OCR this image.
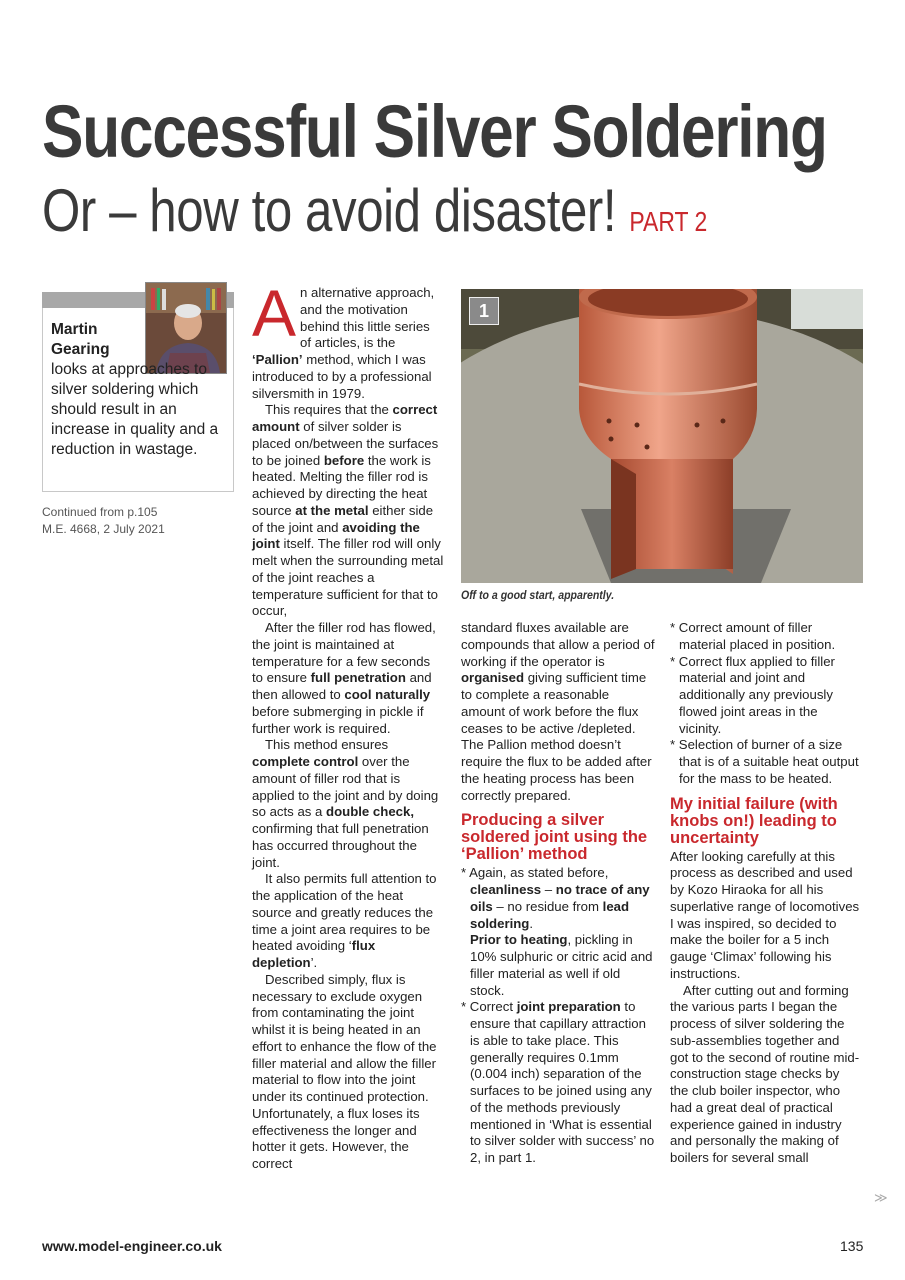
Successful Silver Soldering
Or – how to avoid disaster! PART 2
Martin
Gearing
looks at approaches to silver soldering which should result in an increase in quality and a reduction in wastage.
Continued from p.105
M.E. 4668, 2 July 2021

An alternative approach, and the motivation behind this little series of articles, is the ‘Pallion’ method, which I was introduced to by a professional silversmith in 1979.

This requires that the correct amount of silver solder is placed on/between the surfaces to be joined before the work is heated. Melting the filler rod is achieved by directing the heat source at the metal either side of the joint and avoiding the joint itself. The filler rod will only melt when the surrounding metal of the joint reaches a temperature sufficient for that to occur,

After the filler rod has flowed, the joint is maintained at temperature for a few seconds to ensure full penetration and then allowed to cool naturally before submerging in pickle if further work is required.

This method ensures complete control over the amount of filler rod that is applied to the joint and by doing so acts as a double check, confirming that full penetration has occurred throughout the joint.

It also permits full attention to the application of the heat source and greatly reduces the time a joint area requires to be heated avoiding ‘flux depletion’.

Described simply, flux is necessary to exclude oxygen from contaminating the joint whilst it is being heated in an effort to enhance the flow of the filler material and allow the filler material to flow into the joint under its continued protection. Unfortunately, a flux loses its effectiveness the longer and hotter it gets. However, the correct

1
Off to a good start, apparently.

standard fluxes available are compounds that allow a period of working if the operator is organised giving sufficient time to complete a reasonable amount of work before the flux ceases to be active /depleted. The Pallion method doesn’t require the flux to be added after the heating process has been correctly prepared.

Producing a silver soldered joint using the ‘Pallion’ method

* Again, as stated before, cleanliness – no trace of any oils – no residue from lead soldering.

Prior to heating, pickling in 10% sulphuric or citric acid and filler material as well if old stock.

* Correct joint preparation to ensure that capillary attraction is able to take place. This generally requires 0.1mm (0.004 inch) separation of the surfaces to be joined using any of the methods previously mentioned in ‘What is essential to silver solder with success’ no 2, in part 1.

* Correct amount of filler material placed in position.

* Correct flux applied to filler material and joint and additionally any previously flowed joint areas in the vicinity.

* Selection of burner of a size that is of a suitable heat output for the mass to be heated.

My initial failure (with knobs on!) leading to uncertainty

After looking carefully at this process as described and used by Kozo Hiraoka for all his superlative range of locomotives I was inspired, so decided to make the boiler for a 5 inch gauge ‘Climax’ following his instructions.

After cutting out and forming the various parts I began the process of silver soldering the sub-assemblies together and got to the second of routine mid-construction stage checks by the club boiler inspector, who had a great deal of practical experience gained in industry and personally the making of boilers for several small

≫
www.model-engineer.co.uk	135
